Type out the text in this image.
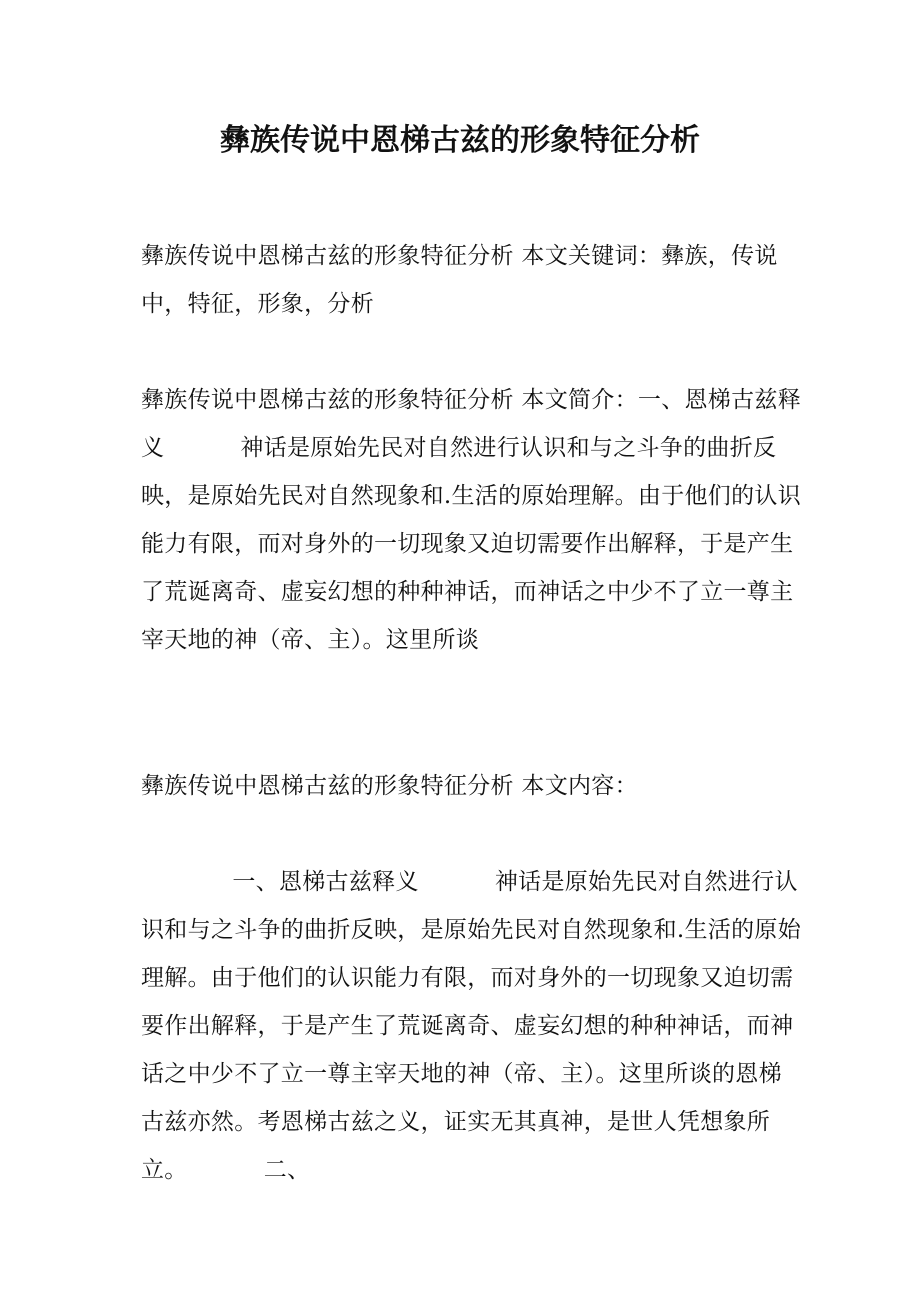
彝族传说中恩梯古兹的形象特征分析

彝族传说中恩梯古兹的形象特征分析 本文关键词：彝族，传说中，特征，形象，分析

彝族传说中恩梯古兹的形象特征分析 本文简介：一、恩梯古兹释义          神话是原始先民对自然进行认识和与之斗争的曲折反映，是原始先民对自然现象和.生活的原始理解。由于他们的认识能力有限，而对身外的一切现象又迫切需要作出解释，于是产生了荒诞离奇、虚妄幻想的种种神话，而神话之中少不了立一尊主宰天地的神（帝、主）。这里所谈

彝族传说中恩梯古兹的形象特征分析 本文内容：

一、恩梯古兹释义          神话是原始先民对自然进行认识和与之斗争的曲折反映，是原始先民对自然现象和.生活的原始理解。由于他们的认识能力有限，而对身外的一切现象又迫切需要作出解释，于是产生了荒诞离奇、虚妄幻想的种种神话，而神话之中少不了立一尊主宰天地的神（帝、主）。这里所谈的恩梯古兹亦然。考恩梯古兹之义，证实无其真神，是世人凭想象所立。          二、
